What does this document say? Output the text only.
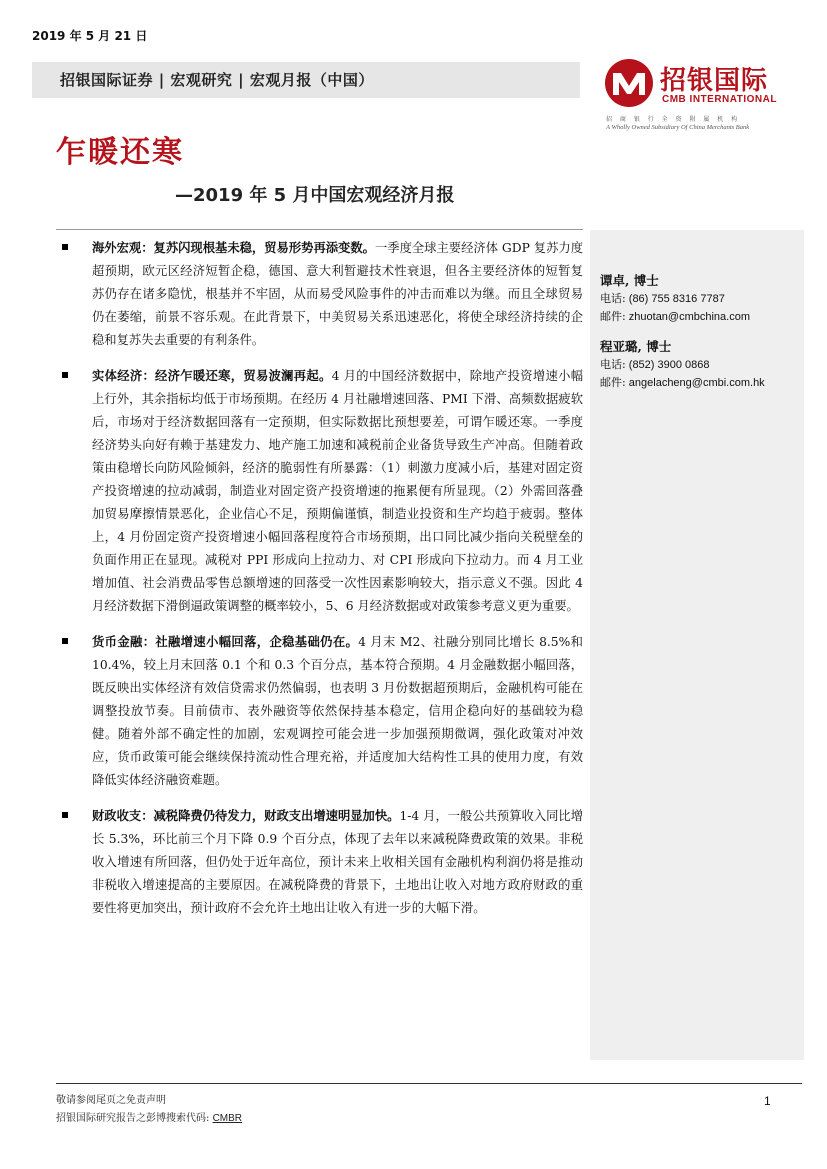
2019 年 5 月 21 日
招银国际证券 | 宏观研究 | 宏观月报（中国）	招银国际
CMB INTERNATIONAL
招 商 银 行 全 资 附 属 机 构
A Wholly Owned Subsidiary Of China Merchants Bank
乍暖还寒
—2019 年 5 月中国宏观经济月报
海外宏观：复苏闪现根基未稳，贸易形势再添变数。一季度全球主要经济体 GDP 复苏力度超预期，欧元区经济短暂企稳，德国、意大利暂避技术性衰退，但各主要经济体的短暂复苏仍存在诸多隐忧，根基并不牢固，从而易受风险事件的冲击而难以为继。而且全球贸易仍在萎缩，前景不容乐观。在此背景下，中美贸易关系迅速恶化，将使全球经济持续的企稳和复苏失去重要的有利条件。
实体经济：经济乍暖还寒，贸易波澜再起。4 月的中国经济数据中，除地产投资增速小幅上行外，其余指标均低于市场预期。在经历 4 月社融增速回落、PMI 下滑、高频数据疲软后，市场对于经济数据回落有一定预期，但实际数据比预想要差，可谓乍暖还寒。一季度经济势头向好有赖于基建发力、地产施工加速和减税前企业备货导致生产冲高。但随着政策由稳增长向防风险倾斜，经济的脆弱性有所暴露：（1）刺激力度减小后，基建对固定资产投资增速的拉动减弱，制造业对固定资产投资增速的拖累便有所显现。（2）外需回落叠加贸易摩擦情景恶化，企业信心不足，预期偏谨慎，制造业投资和生产均趋于疲弱。整体上，4 月份固定资产投资增速小幅回落程度符合市场预期，出口同比减少指向关税壁垒的负面作用正在显现。减税对 PPI 形成向上拉动力、对 CPI 形成向下拉动力。而 4 月工业增加值、社会消费品零售总额增速的回落受一次性因素影响较大，指示意义不强。因此 4 月经济数据下滑倒逼政策调整的概率较小，5、6 月经济数据或对政策参考意义更为重要。
货币金融：社融增速小幅回落，企稳基础仍在。4 月末 M2、社融分别同比增长 8.5%和 10.4%，较上月末回落 0.1 个和 0.3 个百分点，基本符合预期。4 月金融数据小幅回落，既反映出实体经济有效信贷需求仍然偏弱，也表明 3 月份数据超预期后，金融机构可能在调整投放节奏。目前债市、表外融资等依然保持基本稳定，信用企稳向好的基础较为稳健。随着外部不确定性的加剧，宏观调控可能会进一步加强预期微调，强化政策对冲效应，货币政策可能会继续保持流动性合理充裕，并适度加大结构性工具的使用力度，有效降低实体经济融资难题。
财政收支：减税降费仍待发力，财政支出增速明显加快。1-4 月，一般公共预算收入同比增长 5.3%，环比前三个月下降 0.9 个百分点，体现了去年以来减税降费政策的效果。非税收入增速有所回落，但仍处于近年高位，预计未来上收相关国有金融机构利润仍将是推动非税收入增速提高的主要原因。在减税降费的背景下，土地出让收入对地方政府财政的重要性将更加突出，预计政府不会允许土地出让收入有进一步的大幅下滑。
谭卓, 博士
电话: (86) 755 8316 7787
邮件: zhuotan@cmbchina.com
程亚璐, 博士
电话: (852) 3900 0868
邮件: angelacheng@cmbi.com.hk
敬请参阅尾页之免责声明
招银国际研究报告之彭博搜索代码: CMBR
1
